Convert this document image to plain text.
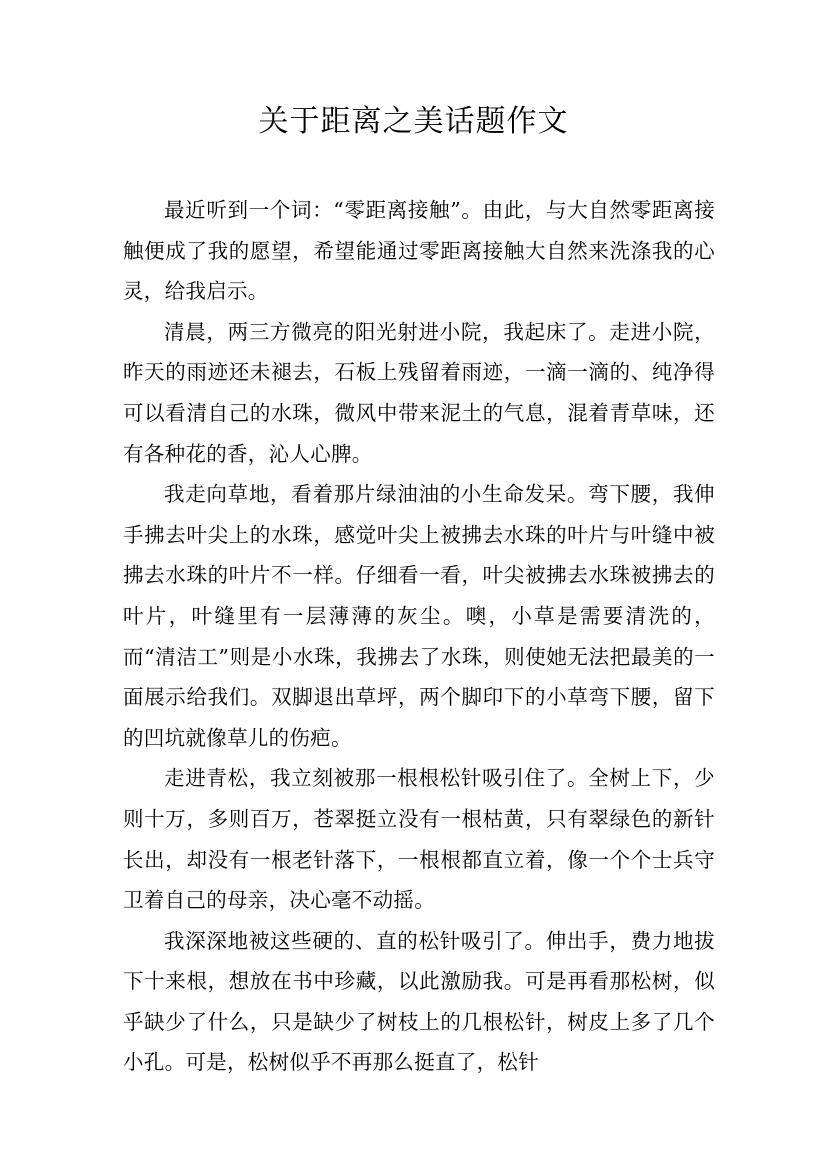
关于距离之美话题作文

最近听到一个词：“零距离接触”。由此，与大自然零距离接触便成了我的愿望，希望能通过零距离接触大自然来洗涤我的心灵，给我启示。

清晨，两三方微亮的阳光射进小院，我起床了。走进小院，昨天的雨迹还未褪去，石板上残留着雨迹，一滴一滴的、纯净得可以看清自己的水珠，微风中带来泥土的气息，混着青草味，还有各种花的香，沁人心脾。

我走向草地，看着那片绿油油的小生命发呆。弯下腰，我伸手拂去叶尖上的水珠，感觉叶尖上被拂去水珠的叶片与叶缝中被拂去水珠的叶片不一样。仔细看一看，叶尖被拂去水珠被拂去的叶片，叶缝里有一层薄薄的灰尘。噢，小草是需要清洗的，而“清洁工”则是小水珠，我拂去了水珠，则使她无法把最美的一面展示给我们。双脚退出草坪，两个脚印下的小草弯下腰，留下的凹坑就像草儿的伤疤。

走进青松，我立刻被那一根根松针吸引住了。全树上下，少则十万，多则百万，苍翠挺立没有一根枯黄，只有翠绿色的新针长出，却没有一根老针落下，一根根都直立着，像一个个士兵守卫着自己的母亲，决心毫不动摇。

我深深地被这些硬的、直的松针吸引了。伸出手，费力地拔下十来根，想放在书中珍藏，以此激励我。可是再看那松树，似乎缺少了什么，只是缺少了树枝上的几根松针，树皮上多了几个小孔。可是，松树似乎不再那么挺直了，松针
